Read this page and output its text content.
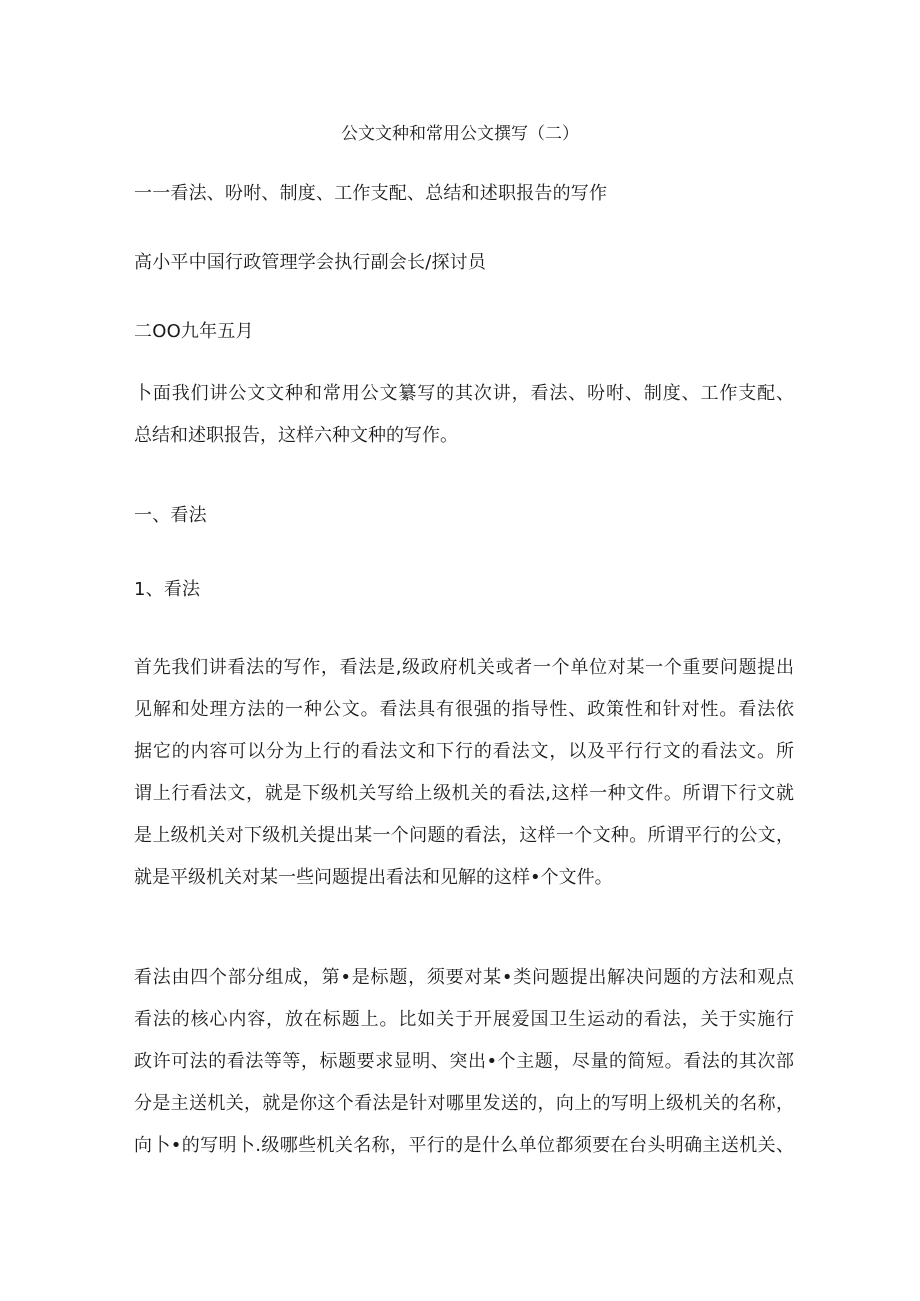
公文文种和常用公文撰写（二）
一一看法、吩咐、制度、工作支配、总结和述职报告的写作
高小平中国行政管理学会执行副会长/探讨员
二OO九年五月
卜面我们讲公文文种和常用公文纂写的其次讲，看法、吩咐、制度、工作支配、
总结和述职报告，这样六种文种的写作。
一、看法
1、看法
首先我们讲看法的写作，看法是,级政府机关或者一个单位对某一个重要问题提出
见解和处理方法的一种公文。看法具有很强的指导性、政策性和针对性。看法依
据它的内容可以分为上行的看法文和下行的看法文，以及平行行文的看法文。所
谓上行看法文，就是下级机关写给上级机关的看法,这样一种文件。所谓下行文就
是上级机关对下级机关提出某一个问题的看法，这样一个文种。所谓平行的公文，
就是平级机关对某一些问题提出看法和见解的这样•个文件。
看法由四个部分组成，第•是标题，须要对某•类问题提出解决问题的方法和观点
看法的核心内容，放在标题上。比如关于开展爱国卫生运动的看法，关于实施行
政许可法的看法等等，标题要求显明、突出•个主题，尽量的简短。看法的其次部
分是主送机关，就是你这个看法是针对哪里发送的，向上的写明上级机关的名称，
向卜•的写明卜.级哪些机关名称，平行的是什么单位都须要在台头明确主送机关、
